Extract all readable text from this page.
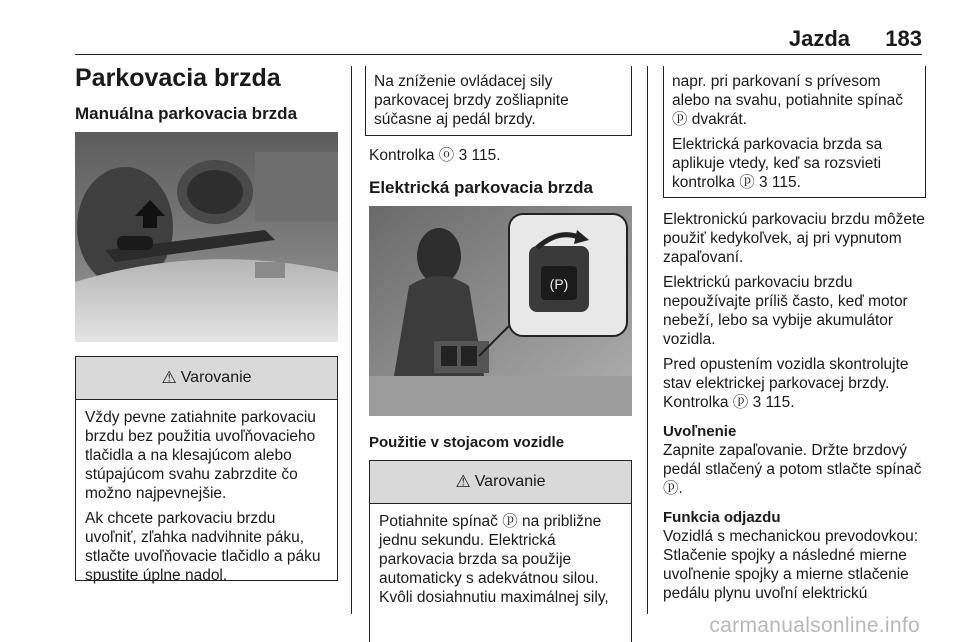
Jazda 183
Parkovacia brzda
Manuálna parkovacia brzda
⚠ Varovanie

Vždy pevne zatiahnite parkovaciu brzdu bez použitia uvoľňovacieho tlačidla a na klesajúcom alebo stúpajúcom svahu zabrzdite čo možno najpevnejšie.

Ak chcete parkovaciu brzdu uvoľniť, zľahka nadvihnite páku, stlačte uvoľňovacie tlačidlo a páku spustite úplne nadol.

Na zníženie ovládacej sily parkovacej brzdy zošliapnite súčasne aj pedál brzdy.

Kontrolka ⓞ 3 115.

Elektrická parkovacia brzda
(P)
Použitie v stojacom vozidle
⚠ Varovanie

Potiahnite spínač ⓟ na približne jednu sekundu. Elektrická parkovacia brzda sa použije automaticky s adekvátnou silou. Kvôli dosiahnutiu maximálnej sily,

napr. pri parkovaní s prívesom alebo na svahu, potiahnite spínač ⓟ dvakrát.

Elektrická parkovacia brzda sa aplikuje vtedy, keď sa rozsvieti kontrolka ⓟ 3 115.

Elektronickú parkovaciu brzdu môžete použiť kedykoľvek, aj pri vypnutom zapaľovaní.

Elektrickú parkovaciu brzdu nepoužívajte príliš často, keď motor nebeží, lebo sa vybije akumulátor vozidla.

Pred opustením vozidla skontrolujte stav elektrickej parkovacej brzdy. Kontrolka ⓟ 3 115.

Uvoľnenie

Zapnite zapaľovanie. Držte brzdový pedál stlačený a potom stlačte spínač ⓟ.

Funkcia odjazdu

Vozidlá s mechanickou prevodovkou: Stlačenie spojky a následné mierne uvoľnenie spojky a mierne stlačenie pedálu plynu uvoľní elektrickú

carmanualsonline.info
